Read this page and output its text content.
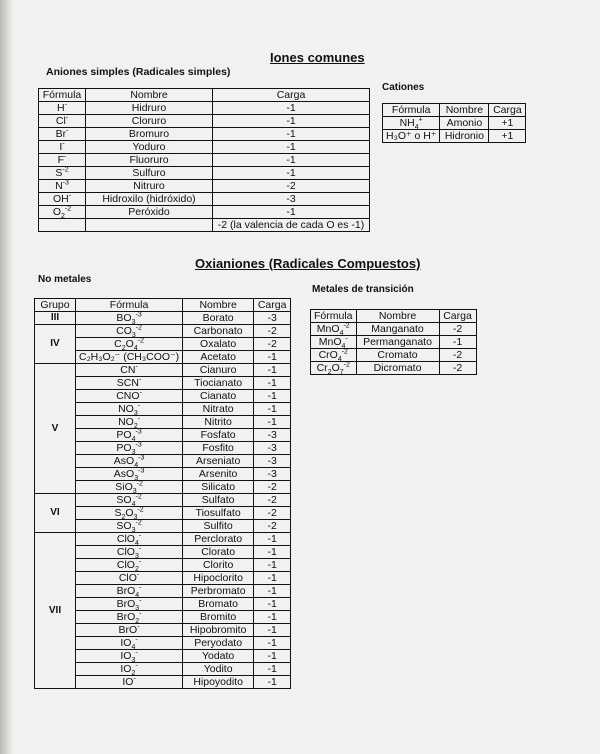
Iones comunes
Aniones simples (Radicales simples)
Cationes
Fórmula	Nombre	Carga
H-	Hidruro	-1
Cl-	Cloruro	-1
Br-	Bromuro	-1
I-	Yoduro	-1
F-	Fluoruro	-1
$S^{-2}$	Sulfuro	-1
$N^{-3}$	Nitruro	-2
OH-	Hidroxilo (hidróxido)	-3
$O_2^{-2}$	Peróxido	-1
		-2 (la valencia de cada O es -1)
Fórmula	Nombre	Carga
$NH_4^+$	Amonio	+1
H₃O⁺ o H⁺	Hidronio	+1
Oxianiones (Radicales Compuestos)
No metales
Metales de transición
Grupo	Fórmula	Nombre	Carga
III	$BO_3^{-3}$	Borato	-3
IV	$CO_3^{-2}$	Carbonato	-2
	$C_2O_4^{-2}$	Oxalato	-2
	C₂H₃O₂⁻ (CH₃COO⁻)	Acetato	-1
V	CN-	Cianuro	-1
	SCN-	Tiocianato	-1
	CNO-	Cianato	-1
	$NO_3^-$	Nitrato	-1
	$NO_2^-$	Nitrito	-1
	$PO_4^{-3}$	Fosfato	-3
	$PO_3^{-3}$	Fosfito	-3
	AsO$_4^{-3}$	Arseniato	-3
	AsO$_3^{-3}$	Arsenito	-3
	SiO$_3^{-2}$	Silicato	-2
VI	$SO_4^{-2}$	Sulfato	-2
	$S_2O_3^{-2}$	Tiosulfato	-2
	$SO_3^{-2}$	Sulfito	-2
VII	ClO$_4$-	Perclorato	-1
	ClO$_3$-	Clorato	-1
	ClO$_2$-	Clorito	-1
	ClO-	Hipoclorito	-1
	BrO$_4$-	Perbromato	-1
	BrO$_3$-	Bromato	-1
	BrO$_2$-	Bromito	-1
	BrO-	Hipobromito	-1
	$IO_4^-$	Peryodato	-1
	$IO_3^-$	Yodato	-1
	$IO_2^-$	Yodito	-1
	IO-	Hipoyodito	-1
Fórmula	Nombre	Carga
MnO$_4^{-2}$	Manganato	-2
MnO$_4$-	Permanganato	-1
CrO$_4^{-2}$	Cromato	-2
$Cr_2O_7^{-2}$	Dicromato	-2
